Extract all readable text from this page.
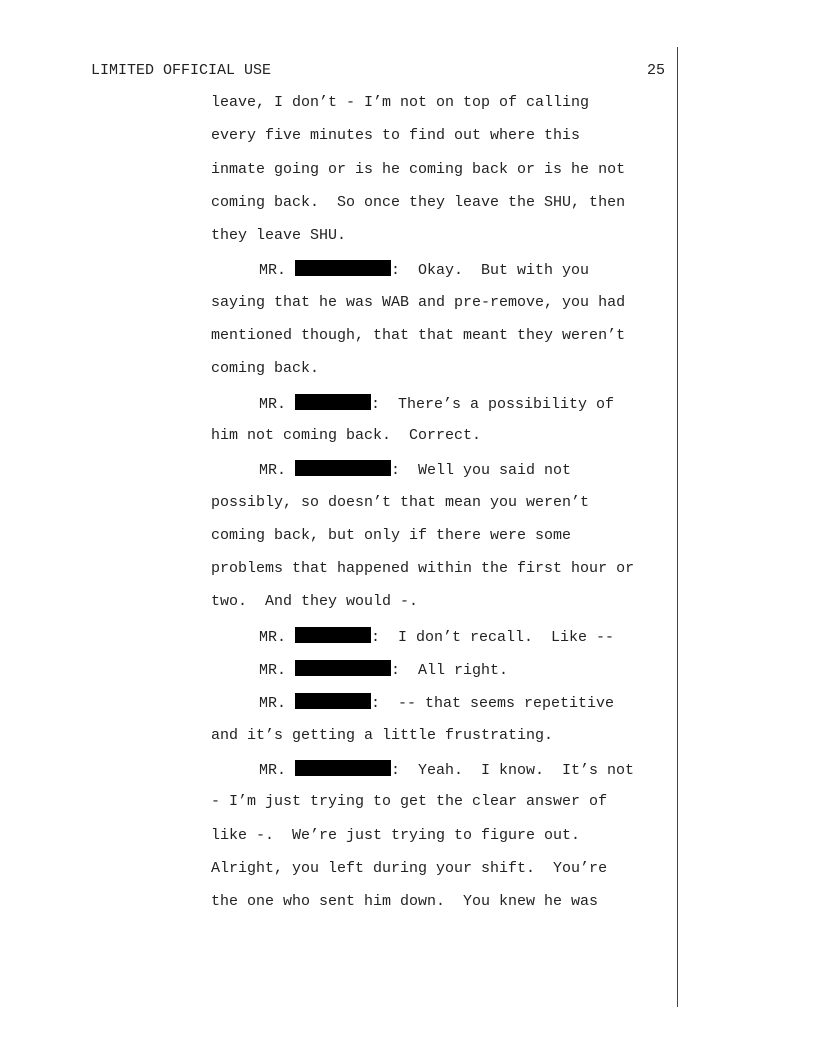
LIMITED OFFICIAL USE	25
leave, I don’t - I’m not on top of calling
every five minutes to find out where this
inmate going or is he coming back or is he not
coming back.  So once they leave the SHU, then
they leave SHU.
MR.	:  Okay.  But with you
saying that he was WAB and pre-remove, you had
mentioned though, that that meant they weren’t
coming back.
MR.	:  There’s a possibility of
him not coming back.  Correct.
MR.	:  Well you said not
possibly, so doesn’t that mean you weren’t
coming back, but only if there were some
problems that happened within the first hour or
two.  And they would -.
MR.	:  I don’t recall.  Like --
MR.	:  All right.
MR.	:  -- that seems repetitive
and it’s getting a little frustrating.
MR.	:  Yeah.  I know.  It’s not
- I’m just trying to get the clear answer of
like -.  We’re just trying to figure out.
Alright, you left during your shift.  You’re
the one who sent him down.  You knew he was
